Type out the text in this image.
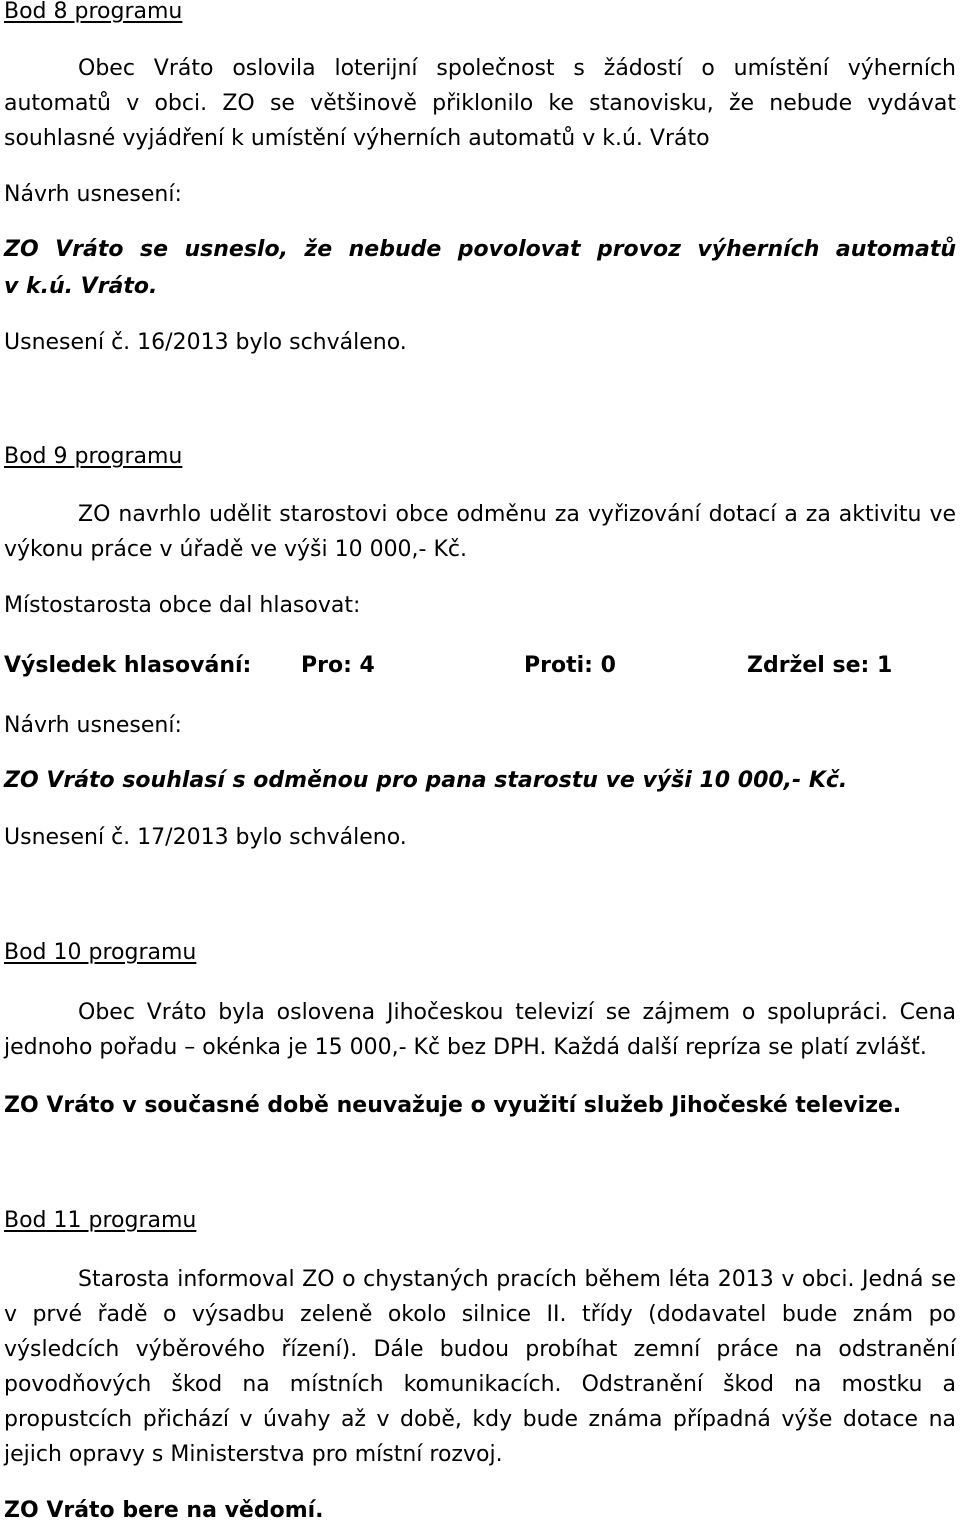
Bod 8 programu

Obec Vráto oslovila loterijní společnost s žádostí o umístění výherních

automatů v obci. ZO se většinově přiklonilo ke stanovisku, že nebude vydávat

souhlasné vyjádření k umístění výherních automatů v k.ú. Vráto

Návrh usnesení:

ZO Vráto se usneslo, že nebude povolovat provoz výherních automatů

v k.ú. Vráto.

Usnesení č. 16/2013 bylo schváleno.

Bod 9 programu

ZO navrhlo udělit starostovi obce odměnu za vyřizování dotací a za aktivitu ve

výkonu práce v úřadě ve výši 10 000,- Kč.

Místostarosta obce dal hlasovat:

Výsledek hlasování: Pro: 4	Proti: 0	Zdržel se: 1

Návrh usnesení:

ZO Vráto souhlasí s odměnou pro pana starostu ve výši 10 000,- Kč.

Usnesení č. 17/2013 bylo schváleno.

Bod 10 programu

Obec Vráto byla oslovena Jihočeskou televizí se zájmem o spolupráci. Cena

jednoho pořadu – okénka je 15 000,- Kč bez DPH. Každá další repríza se platí zvlášť.

ZO Vráto v současné době neuvažuje o využití služeb Jihočeské televize.

Bod 11 programu

Starosta informoval ZO o chystaných pracích během léta 2013 v obci. Jedná se

v prvé řadě o výsadbu zeleně okolo silnice II. třídy (dodavatel bude znám po

výsledcích výběrového řízení). Dále budou probíhat zemní práce na odstranění

povodňových škod na místních komunikacích. Odstranění škod na mostku a

propustcích přichází v úvahy až v době, kdy bude známa případná výše dotace na

jejich opravy s Ministerstva pro místní rozvoj.

ZO Vráto bere na vědomí.
